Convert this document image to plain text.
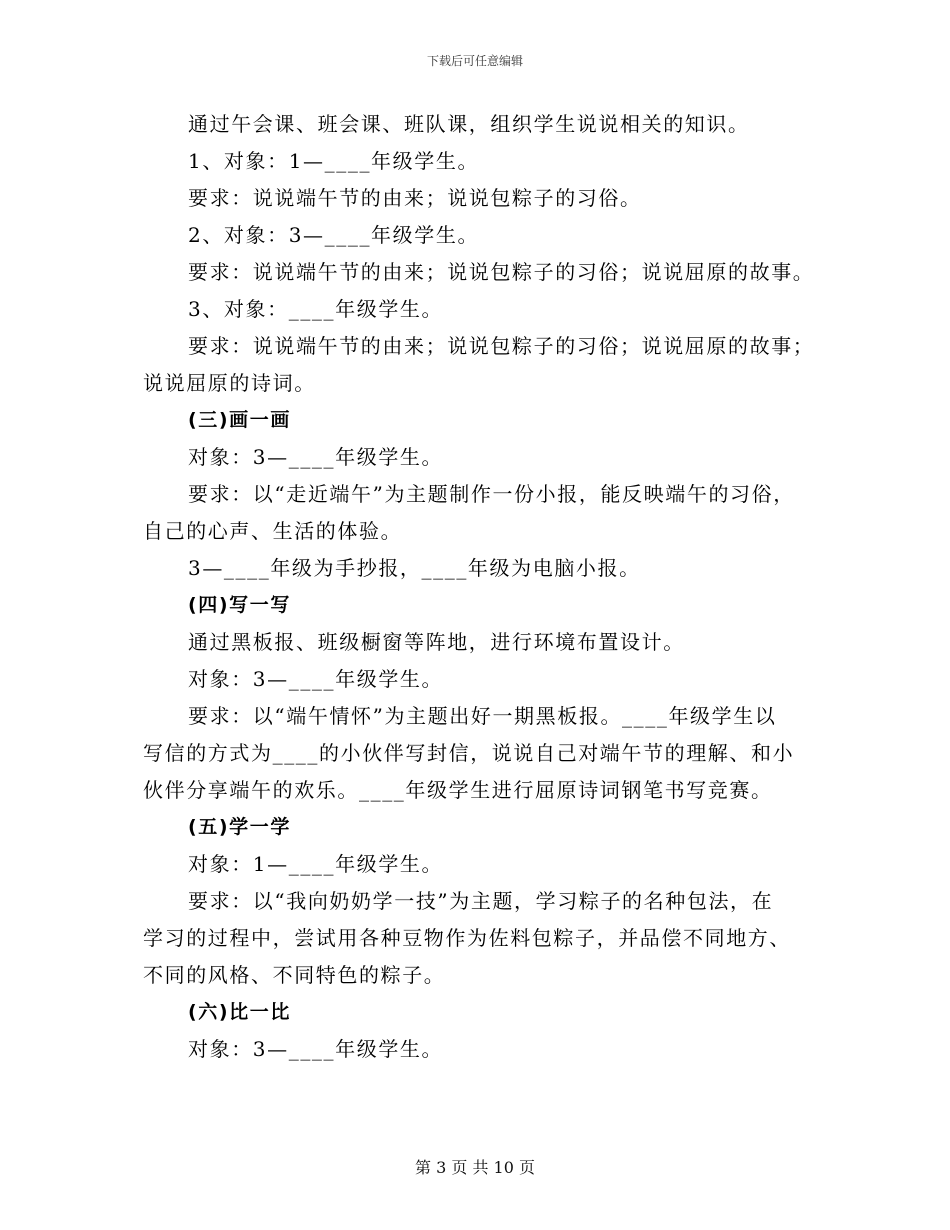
下载后可任意编辑
通过午会课、班会课、班队课，组织学生说说相关的知识。
1、对象：1—____年级学生。
要求：说说端午节的由来；说说包粽子的习俗。
2、对象：3—____年级学生。
要求：说说端午节的由来；说说包粽子的习俗；说说屈原的故事。
3、对象：____年级学生。
要求：说说端午节的由来；说说包粽子的习俗；说说屈原的故事；
说说屈原的诗词。
(三)画一画
对象：3—____年级学生。
要求：以“走近端午”为主题制作一份小报，能反映端午的习俗，
自己的心声、生活的体验。
3—____年级为手抄报，____年级为电脑小报。
(四)写一写
通过黑板报、班级橱窗等阵地，进行环境布置设计。
对象：3—____年级学生。
要求：以“端午情怀”为主题出好一期黑板报。____年级学生以
写信的方式为____的小伙伴写封信，说说自己对端午节的理解、和小
伙伴分享端午的欢乐。____年级学生进行屈原诗词钢笔书写竞赛。
(五)学一学
对象：1—____年级学生。
要求：以“我向奶奶学一技”为主题，学习粽子的名种包法，在
学习的过程中，尝试用各种豆物作为佐料包粽子，并品偿不同地方、
不同的风格、不同特色的粽子。
(六)比一比
对象：3—____年级学生。
第 3 页 共 10 页
